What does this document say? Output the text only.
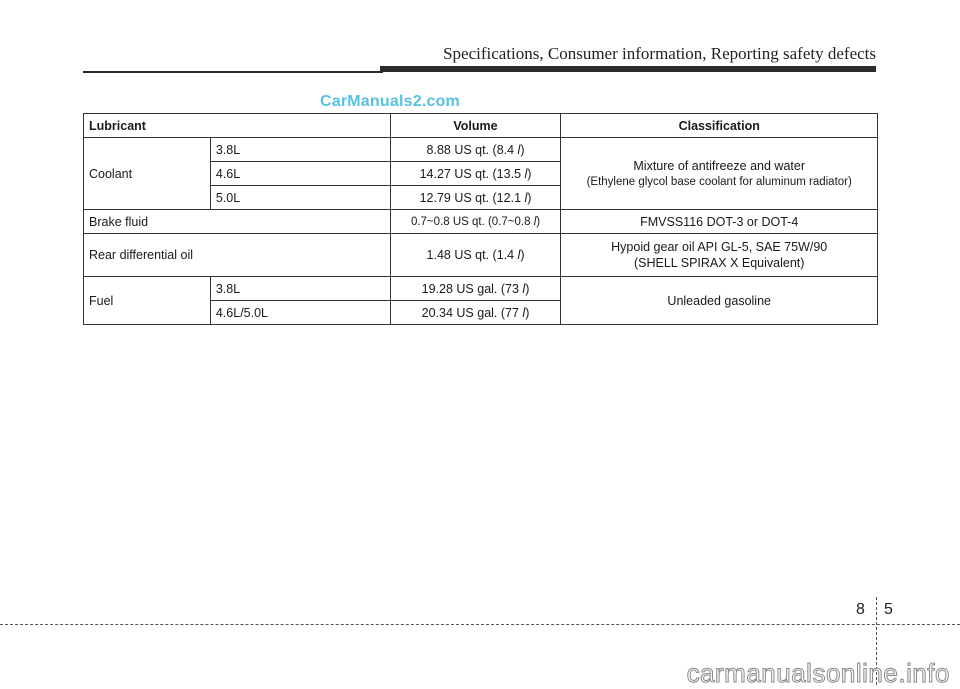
Specifications, Consumer information, Reporting safety defects
CarManuals2.com
Lubricant		Volume	Classification
Coolant	3.8L	8.88 US qt. (8.4 l)	Mixture of antifreeze and water
(Ethylene glycol base coolant for aluminum radiator)

	4.6L	14.27 US qt. (13.5 l)	
	5.0L	12.79 US qt. (12.1 l)	
Brake fluid		0.7~0.8 US qt. (0.7~0.8 l)	FMVSS116 DOT-3 or DOT-4
Rear differential oil		1.48 US qt. (1.4 l)	Hypoid gear oil API GL-5, SAE 75W/90
(SHELL SPIRAX X Equivalent)

Fuel	3.8L	19.28 US gal. (73 l)	Unleaded gasoline
	4.6L/5.0L	20.34 US gal. (77 l)	
8 5
carmanualsonline.info
